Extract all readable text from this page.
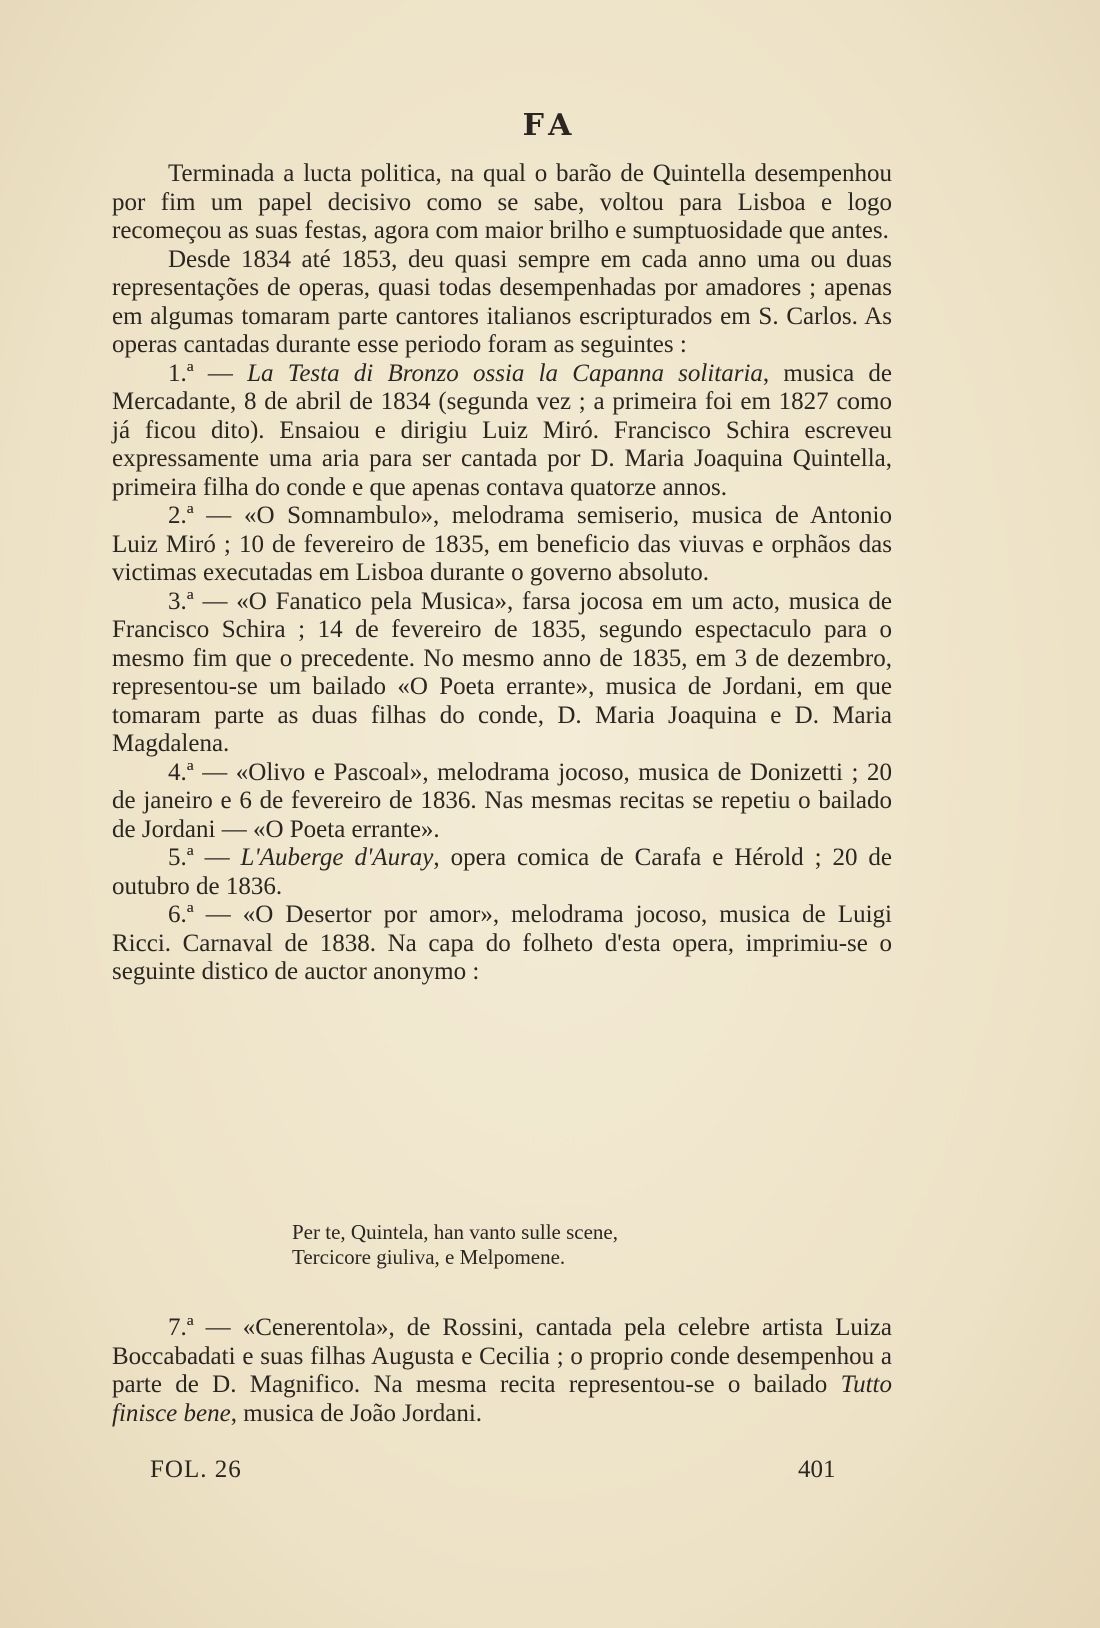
FA

Terminada a lucta politica, na qual o barão de Quintella desempenhou por fim um papel decisivo como se sabe, voltou para Lisboa e logo recomeçou as suas festas, agora com maior brilho e sumptuosidade que antes.

Desde 1834 até 1853, deu quasi sempre em cada anno uma ou duas representações de operas, quasi todas desempenhadas por amadores ; apenas em algumas tomaram parte cantores italianos escripturados em S. Carlos. As operas cantadas durante esse periodo foram as seguintes :

1.ª — La Testa di Bronzo ossia la Capanna solitaria, musica de Mercadante, 8 de abril de 1834 (segunda vez ; a primeira foi em 1827 como já ficou dito). Ensaiou e dirigiu Luiz Miró. Francisco Schira escreveu expressamente uma aria para ser cantada por D. Maria Joaquina Quintella, primeira filha do conde e que apenas contava quatorze annos.

2.ª — «O Somnambulo», melodrama semiserio, musica de Antonio Luiz Miró ; 10 de fevereiro de 1835, em beneficio das viuvas e orphãos das victimas executadas em Lisboa durante o governo absoluto.

3.ª — «O Fanatico pela Musica», farsa jocosa em um acto, musica de Francisco Schira ; 14 de fevereiro de 1835, segundo espectaculo para o mesmo fim que o precedente. No mesmo anno de 1835, em 3 de dezembro, representou-se um bailado «O Poeta errante», musica de Jordani, em que tomaram parte as duas filhas do conde, D. Maria Joaquina e D. Maria Magdalena.

4.ª — «Olivo e Pascoal», melodrama jocoso, musica de Donizetti ; 20 de janeiro e 6 de fevereiro de 1836. Nas mesmas recitas se repetiu o bailado de Jordani — «O Poeta errante».

5.ª — L'Auberge d'Auray, opera comica de Carafa e Hérold ; 20 de outubro de 1836.

6.ª — «O Desertor por amor», melodrama jocoso, musica de Luigi Ricci. Carnaval de 1838. Na capa do folheto d'esta opera, imprimiu-se o seguinte distico de auctor anonymo :

Per te, Quintela, han vanto sulle scene,
Tercicore giuliva, e Melpomene.

7.ª — «Cenerentola», de Rossini, cantada pela celebre artista Luiza Boccabadati e suas filhas Augusta e Cecilia ; o proprio conde desempenhou a parte de D. Magnifico. Na mesma recita representou-se o bailado Tutto finisce bene, musica de João Jordani.

FOL. 26	401
